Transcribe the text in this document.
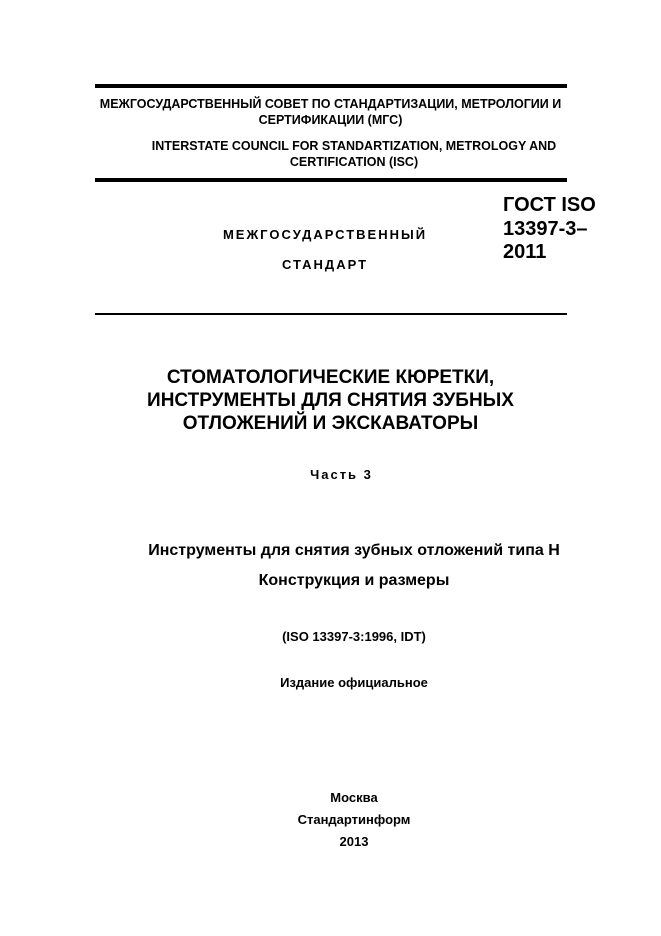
МЕЖГОСУДАРСТВЕННЫЙ СОВЕТ ПО СТАНДАРТИЗАЦИИ, МЕТРОЛОГИИ И
СЕРТИФИКАЦИИ (МГС)
INTERSTATE COUNCIL FOR STANDARTIZATION, METROLOGY AND
CERTIFICATION (ISC)
МЕЖГОСУДАРСТВЕННЫЙ
СТАНДАРТ
ГОСТ ISO
13397-3–
2011
СТОМАТОЛОГИЧЕСКИЕ КЮРЕТКИ,
ИНСТРУМЕНТЫ ДЛЯ СНЯТИЯ ЗУБНЫХ
ОТЛОЖЕНИЙ И ЭКСКАВАТОРЫ
Часть 3
Инструменты для снятия зубных отложений типа Н
Конструкция и размеры
(ISO 13397-3:1996, IDT)
Издание официальное
Москва
Стандартинформ
2013
